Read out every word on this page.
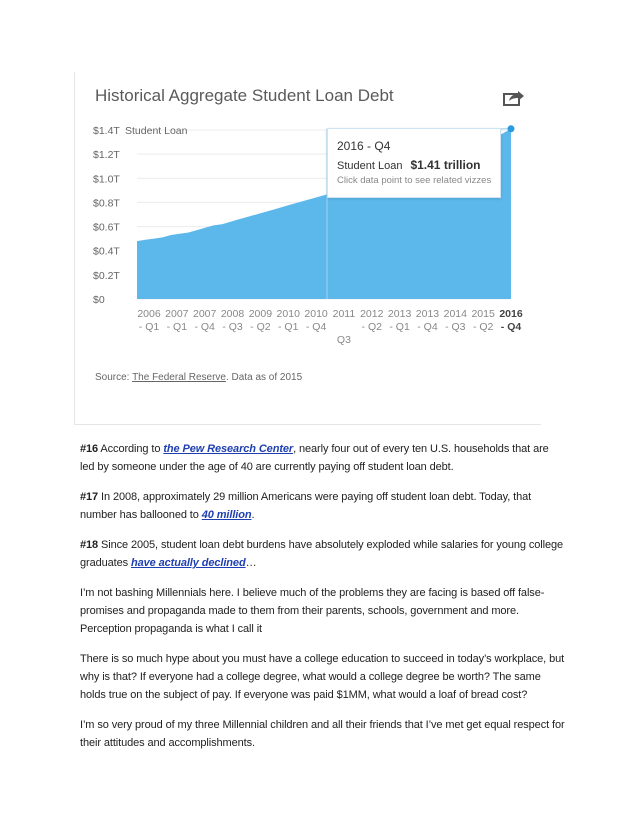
Historical Aggregate Student Loan Debt
$0
$0.2T
$0.4T
$0.6T
$0.8T
$1.0T
$1.2T
$1.4T Student Loan
2006
- Q1
2007
- Q1
2007
- Q4
2008
- Q3
2009
- Q2
2010
- Q1
2010
- Q4
2011
Q3
2012
- Q2
2013
- Q1
2013
- Q4
2014
- Q3
2015
- Q2
2016
- Q4
2016 - Q4
Student Loan $1.41 trillion
Click data point to see related vizzes
Source: The Federal Reserve. Data as of 2015

#16 According to the Pew Research Center, nearly four out of every ten U.S. households that are led by someone under the age of 40 are currently paying off student loan debt.

#17 In 2008, approximately 29 million Americans were paying off student loan debt. Today, that number has ballooned to 40 million.

#18 Since 2005, student loan debt burdens have absolutely exploded while salaries for young college graduates have actually declined…

I’m not bashing Millennials here. I believe much of the problems they are facing is based off false-promises and propaganda made to them from their parents, schools, government and more. Perception propaganda is what I call it

There is so much hype about you must have a college education to succeed in today’s workplace, but why is that? If everyone had a college degree, what would a college degree be worth? The same holds true on the subject of pay. If everyone was paid $1MM, what would a loaf of bread cost?

I’m so very proud of my three Millennial children and all their friends that I’ve met get equal respect for their attitudes and accomplishments.
